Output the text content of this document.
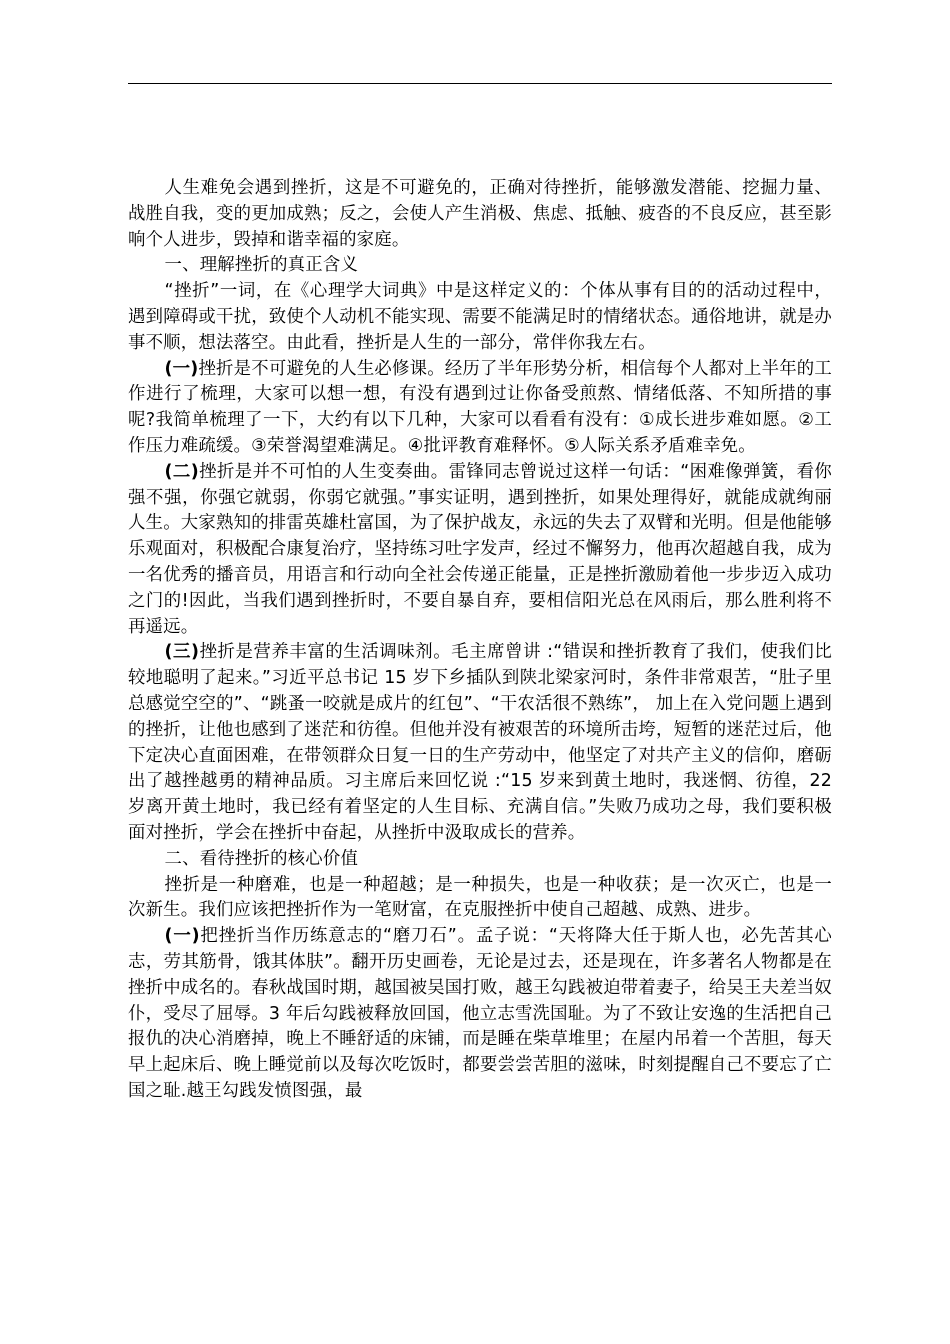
人生难免会遇到挫折，这是不可避免的，正确对待挫折，能够激发潜能、挖掘力量、战胜自我，变的更加成熟；反之，会使人产生消极、焦虑、抵触、疲沓的不良反应，甚至影响个人进步，毁掉和谐幸福的家庭。

一、理解挫折的真正含义

“挫折”一词，在《心理学大词典》中是这样定义的：个体从事有目的的活动过程中，遇到障碍或干扰，致使个人动机不能实现、需要不能满足时的情绪状态。通俗地讲，就是办事不顺，想法落空。由此看，挫折是人生的一部分，常伴你我左右。

(一)挫折是不可避免的人生必修课。经历了半年形势分析，相信每个人都对上半年的工作进行了梳理，大家可以想一想，有没有遇到过让你备受煎熬、情绪低落、不知所措的事呢?我简单梳理了一下，大约有以下几种，大家可以看看有没有：①成长进步难如愿。②工作压力难疏缓。③荣誉渴望难满足。④批评教育难释怀。⑤人际关系矛盾难幸免。

(二)挫折是并不可怕的人生变奏曲。雷锋同志曾说过这样一句话：“困难像弹簧，看你强不强，你强它就弱，你弱它就强。”事实证明，遇到挫折，如果处理得好，就能成就绚丽人生。大家熟知的排雷英雄杜富国，为了保护战友，永远的失去了双臂和光明。但是他能够乐观面对，积极配合康复治疗，坚持练习吐字发声，经过不懈努力，他再次超越自我，成为一名优秀的播音员，用语言和行动向全社会传递正能量，正是挫折激励着他一步步迈入成功之门的!因此，当我们遇到挫折时，不要自暴自弃，要相信阳光总在风雨后，那么胜利将不再遥远。

(三)挫折是营养丰富的生活调味剂。毛主席曾讲 :“错误和挫折教育了我们，使我们比较地聪明了起来。”习近平总书记 15 岁下乡插队到陕北梁家河时，条件非常艰苦，“肚子里总感觉空空的”、“跳蚤一咬就是成片的红包”、“干农活很不熟练”， 加上在入党问题上遇到的挫折，让他也感到了迷茫和彷徨。但他并没有被艰苦的环境所击垮，短暂的迷茫过后，他下定决心直面困难，在带领群众日复一日的生产劳动中，他坚定了对共产主义的信仰，磨砺出了越挫越勇的精神品质。习主席后来回忆说 :“15 岁来到黄土地时，我迷惘、彷徨，22 岁离开黄土地时，我已经有着坚定的人生目标、充满自信。”失败乃成功之母，我们要积极面对挫折，学会在挫折中奋起，从挫折中汲取成长的营养。

二、看待挫折的核心价值

挫折是一种磨难，也是一种超越；是一种损失，也是一种收获；是一次灭亡，也是一次新生。我们应该把挫折作为一笔财富，在克服挫折中使自己超越、成熟、进步。

(一)把挫折当作历练意志的“磨刀石”。孟子说：“天将降大任于斯人也，必先苦其心志，劳其筋骨，饿其体肤”。翻开历史画卷，无论是过去，还是现在，许多著名人物都是在挫折中成名的。春秋战国时期，越国被吴国打败，越王勾践被迫带着妻子，给吴王夫差当奴仆，受尽了屈辱。3 年后勾践被释放回国，他立志雪洗国耻。为了不致让安逸的生活把自己报仇的决心消磨掉，晚上不睡舒适的床铺，而是睡在柴草堆里；在屋内吊着一个苦胆，每天早上起床后、晚上睡觉前以及每次吃饭时，都要尝尝苦胆的滋味，时刻提醒自己不要忘了亡国之耻.越王勾践发愤图强，最
